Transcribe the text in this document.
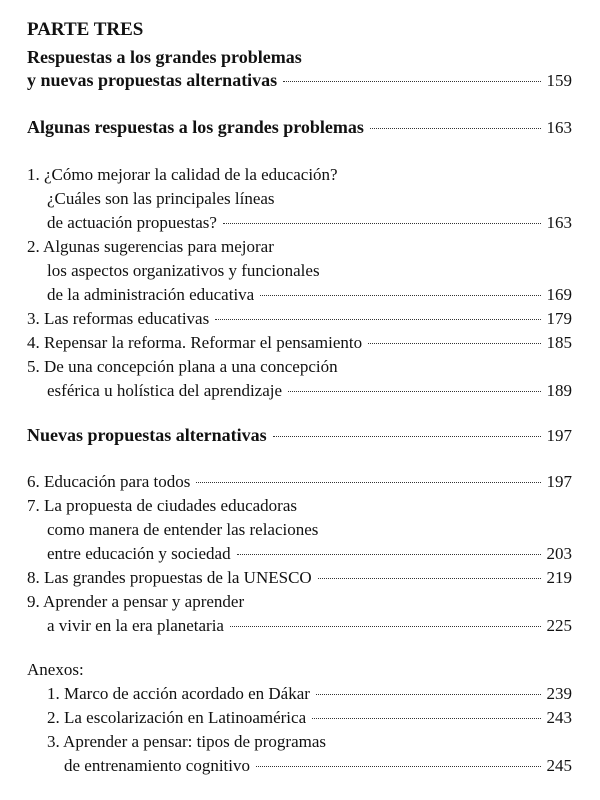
PARTE TRES
Respuestas a los grandes problemas
y nuevas propuestas alternativas	159
Algunas respuestas a los grandes problemas	163
1. ¿Cómo mejorar la calidad de la educación?
¿Cuáles son las principales líneas
de actuación propuestas?	163
2. Algunas sugerencias para mejorar
los aspectos organizativos y funcionales
de la administración educativa	169
3. Las reformas educativas	179
4. Repensar la reforma. Reformar el pensamiento	185
5. De una concepción plana a una concepción
esférica u holística del aprendizaje	189
Nuevas propuestas alternativas	197
6. Educación para todos	197
7. La propuesta de ciudades educadoras
como manera de entender las relaciones
entre educación y sociedad	203
8. Las grandes propuestas de la UNESCO	219
9. Aprender a pensar y aprender
a vivir en la era planetaria	225
Anexos:
1. Marco de acción acordado en Dákar	239
2. La escolarización en Latinoamérica	243
3. Aprender a pensar: tipos de programas
de entrenamiento cognitivo	245
